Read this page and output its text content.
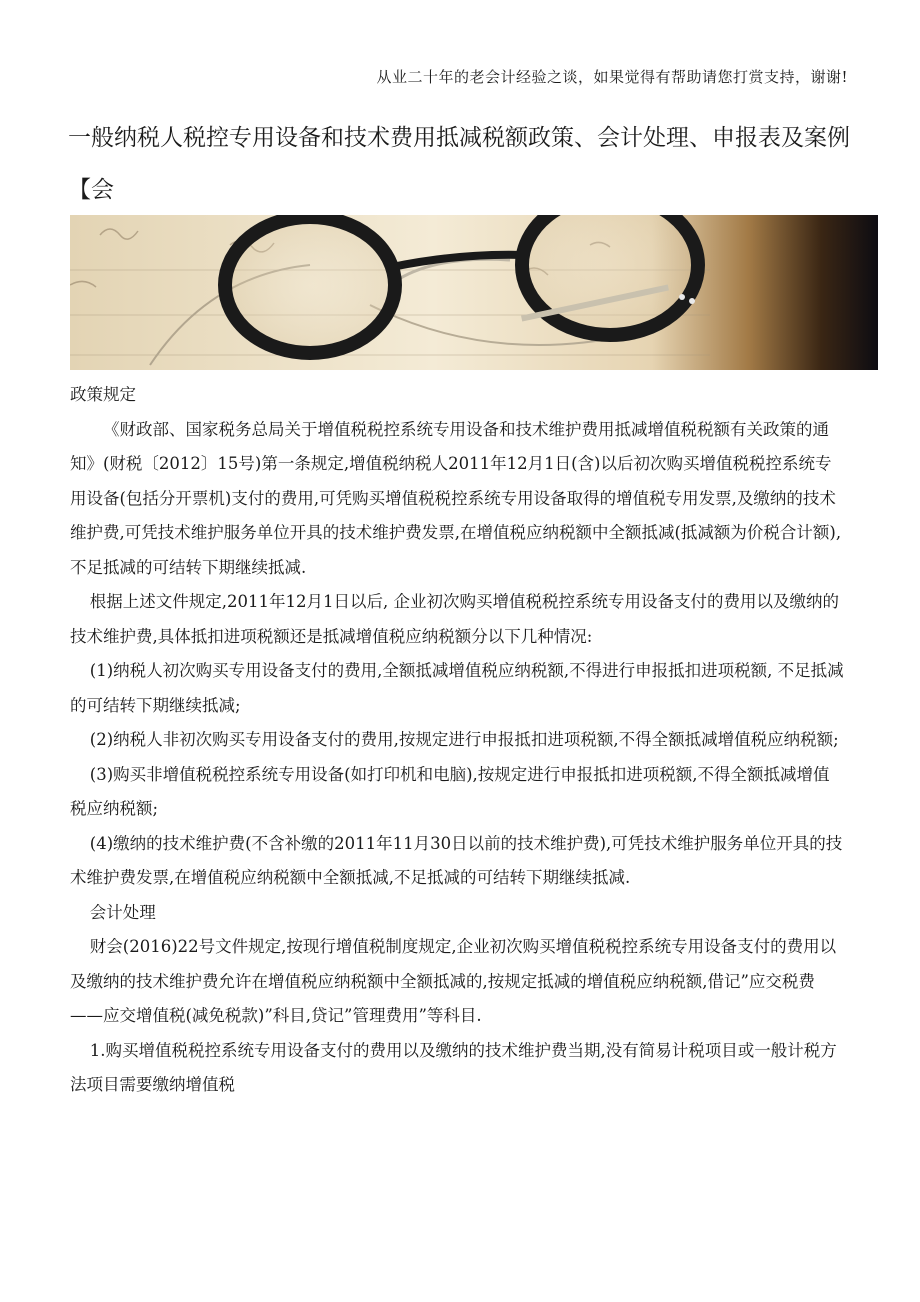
从业二十年的老会计经验之谈，如果觉得有帮助请您打赏支持，谢谢!
一般纳税人税控专用设备和技术费用抵减税额政策、会计处理、申报表及案例【会

政策规定

《财政部、国家税务总局关于增值税税控系统专用设备和技术维护费用抵减增值税税额有关政策的通知》(财税〔2012〕15号)第一条规定,增值税纳税人2011年12月1日(含)以后初次购买增值税税控系统专用设备(包括分开票机)支付的费用,可凭购买增值税税控系统专用设备取得的增值税专用发票,及缴纳的技术维护费,可凭技术维护服务单位开具的技术维护费发票,在增值税应纳税额中全额抵减(抵减额为价税合计额),不足抵减的可结转下期继续抵减.

根据上述文件规定,2011年12月1日以后, 企业初次购买增值税税控系统专用设备支付的费用以及缴纳的技术维护费,具体抵扣进项税额还是抵减增值税应纳税额分以下几种情况:

(1)纳税人初次购买专用设备支付的费用,全额抵减增值税应纳税额,不得进行申报抵扣进项税额, 不足抵减的可结转下期继续抵减;

(2)纳税人非初次购买专用设备支付的费用,按规定进行申报抵扣进项税额,不得全额抵减增值税应纳税额;

(3)购买非增值税税控系统专用设备(如打印机和电脑),按规定进行申报抵扣进项税额,不得全额抵减增值税应纳税额;

(4)缴纳的技术维护费(不含补缴的2011年11月30日以前的技术维护费),可凭技术维护服务单位开具的技术维护费发票,在增值税应纳税额中全额抵减,不足抵减的可结转下期继续抵减.

会计处理

财会(2016)22号文件规定,按现行增值税制度规定,企业初次购买增值税税控系统专用设备支付的费用以及缴纳的技术维护费允许在增值税应纳税额中全额抵减的,按规定抵减的增值税应纳税额,借记”应交税费——应交增值税(减免税款)”科目,贷记”管理费用”等科目.

1.购买增值税税控系统专用设备支付的费用以及缴纳的技术维护费当期,没有简易计税项目或一般计税方法项目需要缴纳增值税
